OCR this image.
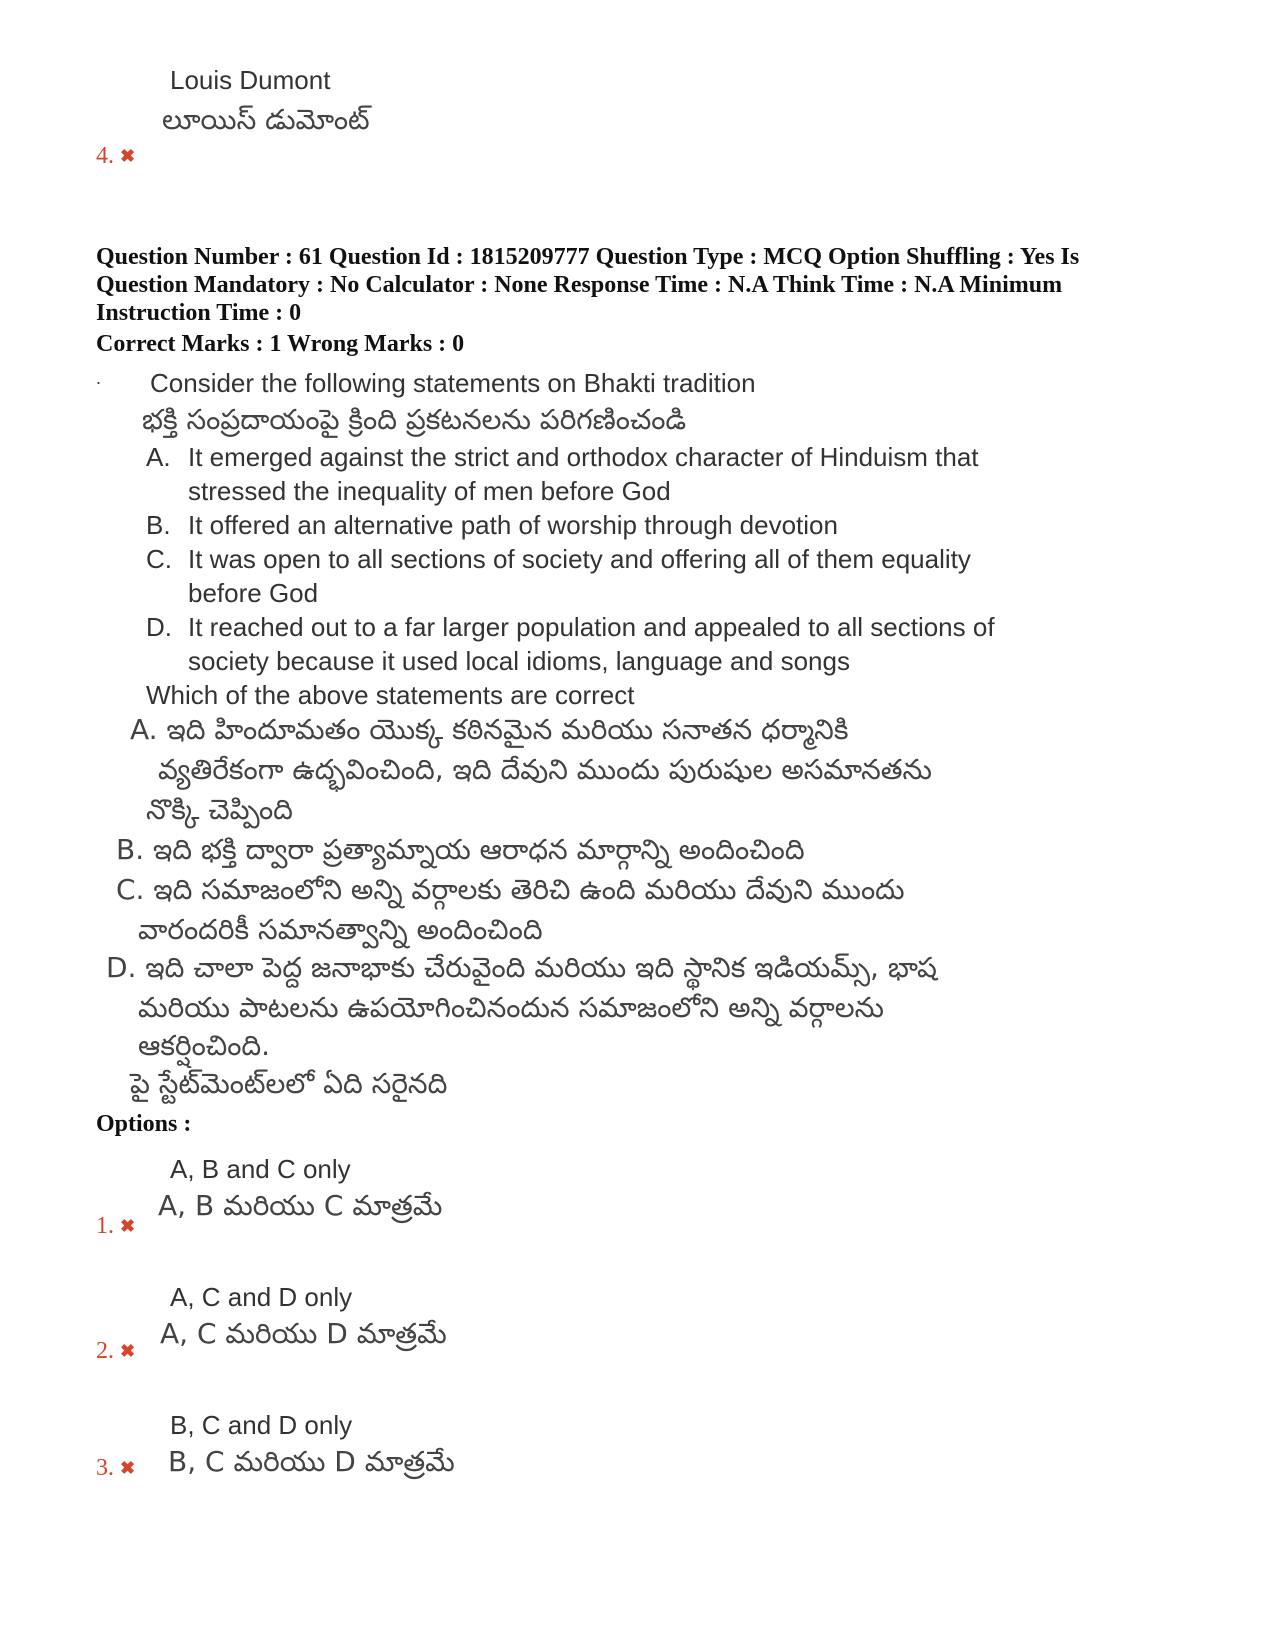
Louis Dumont
లూయిస్ డుమోంట్
4. ✖
Question Number : 61 Question Id : 1815209777 Question Type : MCQ Option Shuffling : Yes Is
Question Mandatory : No Calculator : None Response Time : N.A Think Time : N.A Minimum
Instruction Time : 0
Correct Marks : 1 Wrong Marks : 0
. Consider the following statements on Bhakti tradition
భక్తి సంప్రదాయంపై క్రింది ప్రకటనలను పరిగణించండి
A. It emerged against the strict and orthodox character of Hinduism that
stressed the inequality of men before God
B. It offered an alternative path of worship through devotion
C. It was open to all sections of society and offering all of them equality
before God
D. It reached out to a far larger population and appealed to all sections of
society because it used local idioms, language and songs
Which of the above statements are correct
A. ఇది హిందూమతం యొక్క కఠినమైన మరియు సనాతన ధర్మానికి
వ్యతిరేకంగా ఉద్భవించింది, ఇది దేవుని ముందు పురుషుల అసమానతను
నొక్కి చెప్పింది
B. ఇది భక్తి ద్వారా ప్రత్యామ్నాయ ఆరాధన మార్గాన్ని అందించింది
C. ఇది సమాజంలోని అన్ని వర్గాలకు తెరిచి ఉంది మరియు దేవుని ముందు
వారందరికీ సమానత్వాన్ని అందించింది
D. ఇది చాలా పెద్ద జనాభాకు చేరువైంది మరియు ఇది స్థానిక ఇడియమ్స్, భాష
మరియు పాటలను ఉపయోగించినందున సమాజంలోని అన్ని వర్గాలను
ఆకర్షించింది.
పై స్టేట్‌మెంట్‌లలో ఏది సరైనది
Options :
A, B and C only
A, B మరియు C మాత్రమే
1. ✖
A, C and D only
A, C మరియు D మాత్రమే
2. ✖
B, C and D only
B, C మరియు D మాత్రమే
3. ✖
